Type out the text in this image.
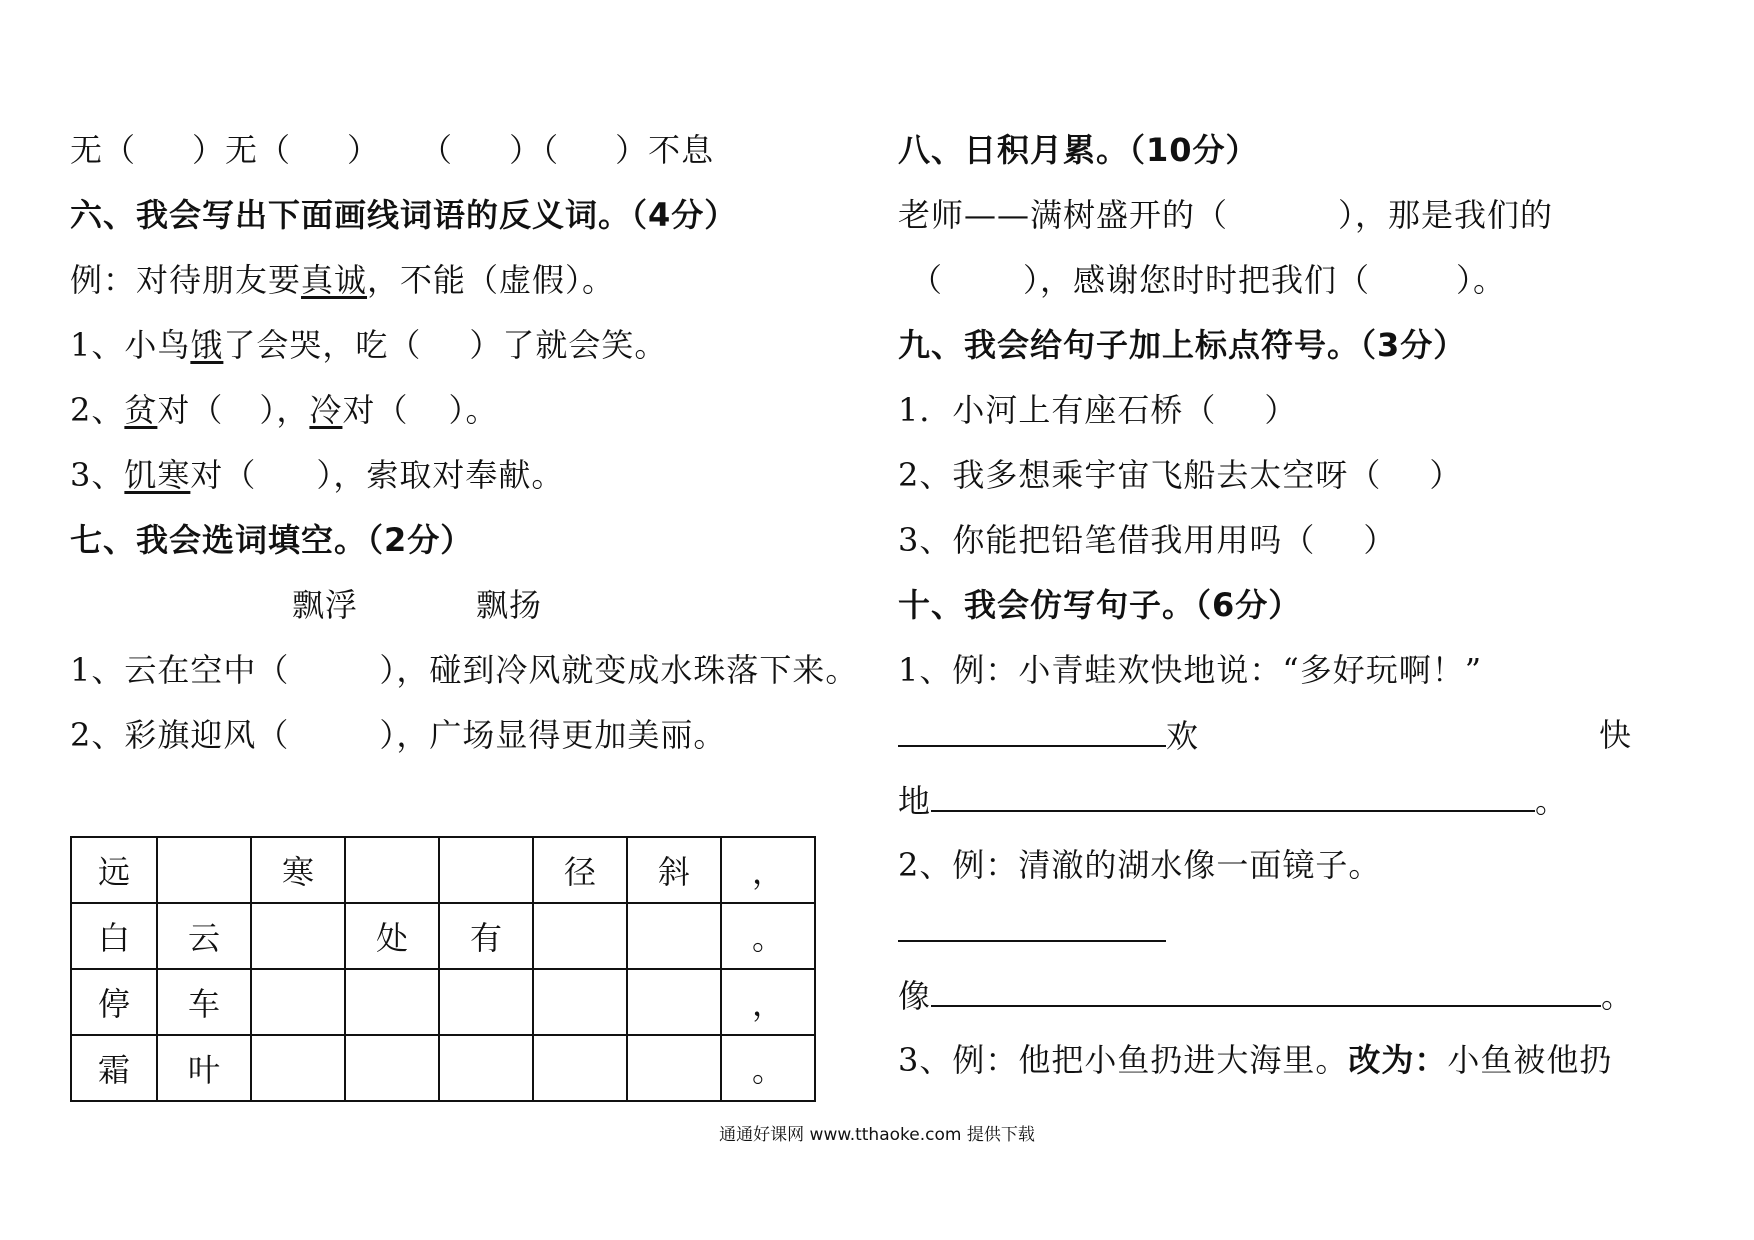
无（ ）无（ ） （ ）（ ）不息
六、我会写出下面画线词语的反义词。（4分）
例：对待朋友要真诚，不能（虚假）。
1、小鸟饿了会哭，吃（ ）了就会笑。
2、贫对（ ），冷对（ ）。
3、饥寒对（ ），索取对奉献。
七、我会选词填空。（2分）
飘浮	飘扬
1、云在空中（	），碰到冷风就变成水珠落下来。
2、彩旗迎风（	），广场显得更加美丽。
远		寒			径	斜	，
白	云		处	有			。
停	车						，
霜	叶						。
八、日积月累。（10分）
老师——满树盛开的（	），那是我们的
（	），感谢您时时把我们（	）。
九、我会给句子加上标点符号。（3分）
1．小河上有座石桥（ ）
2、我多想乘宇宙飞船去太空呀（ ）
3、你能把铅笔借我用用吗（ ）
十、我会仿写句子。（6分）
1、例：小青蛙欢快地说：“多好玩啊！”
欢	快
地	。
2、例：清澈的湖水像一面镜子。
像	。
3、例：他把小鱼扔进大海里。改为：小鱼被他扔
通通好课网 www.tthaoke.com 提供下载
